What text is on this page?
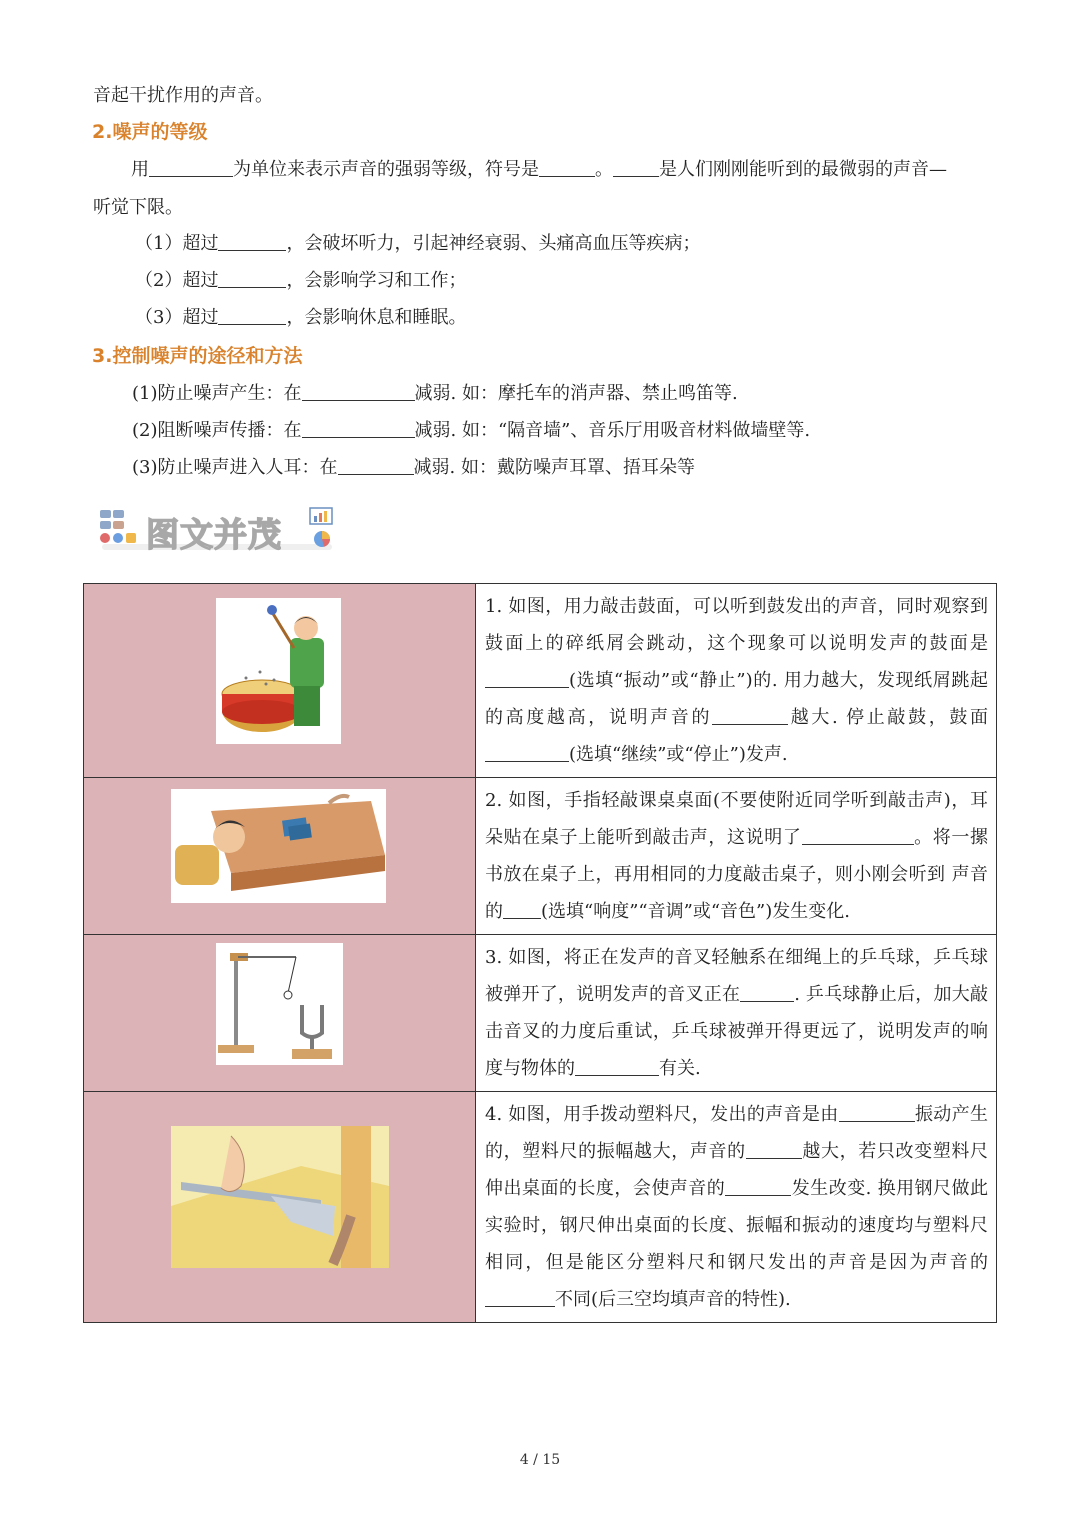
音起干扰作用的声音。
2.噪声的等级
用	为单位来表示声音的强弱等级，符号是	。	是人们刚刚能听到的最微弱的声音—
听觉下限。
（1）超过	，会破坏听力，引起神经衰弱、头痛高血压等疾病；
（2）超过	，会影响学习和工作；
（3）超过	，会影响休息和睡眠。
3.控制噪声的途径和方法
(1)防止噪声产生：在	减弱. 如：摩托车的消声器、禁止鸣笛等.
(2)阻断噪声传播：在	减弱. 如：“隔音墙”、音乐厅用吸音材料做墙壁等.
(3)防止噪声进入人耳：在	减弱. 如：戴防噪声耳罩、捂耳朵等
图文并茂
	1. 如图，用力敲击鼓面，可以听到鼓发出的声音，同时观察到鼓面上的碎纸屑会跳动，这个现象可以说明发声的鼓面是(选填“振动”或“静止”)的. 用力越大，发现纸屑跳起的高度越高，说明声音的 越大. 停止敲鼓，鼓面(选填“继续”或“停止”)发声.

	2. 如图，手指轻敲课桌桌面(不要使附近同学听到敲击声)，耳朵贴在桌子上能听到敲击声，这说明了 。将一摞书放在桌子上，再用相同的力度敲击桌子，则小刚会听到 声音的 (选填“响度”“音调”或“音色”)发生变化.

	3. 如图，将正在发声的音叉轻触系在细绳上的乒乓球，乒乓球被弹开了，说明发声的音叉正在 . 乒乓球静止后，加大敲击音叉的力度后重试，乒乓球被弹开得更远了，说明发声的响度与物体的 有关.

	4. 如图，用手拨动塑料尺，发出的声音是由 振动产生的，塑料尺的振幅越大，声音的 越大，若只改变塑料尺伸出桌面的长度，会使声音的 发生改变. 换用钢尺做此实验时，钢尺伸出桌面的长度、振幅和振动的速度均与塑料尺相同，但是能区分塑料尺和钢尺发出的声音是因为声音的不同(后三空均填声音的特性).
4 / 15
